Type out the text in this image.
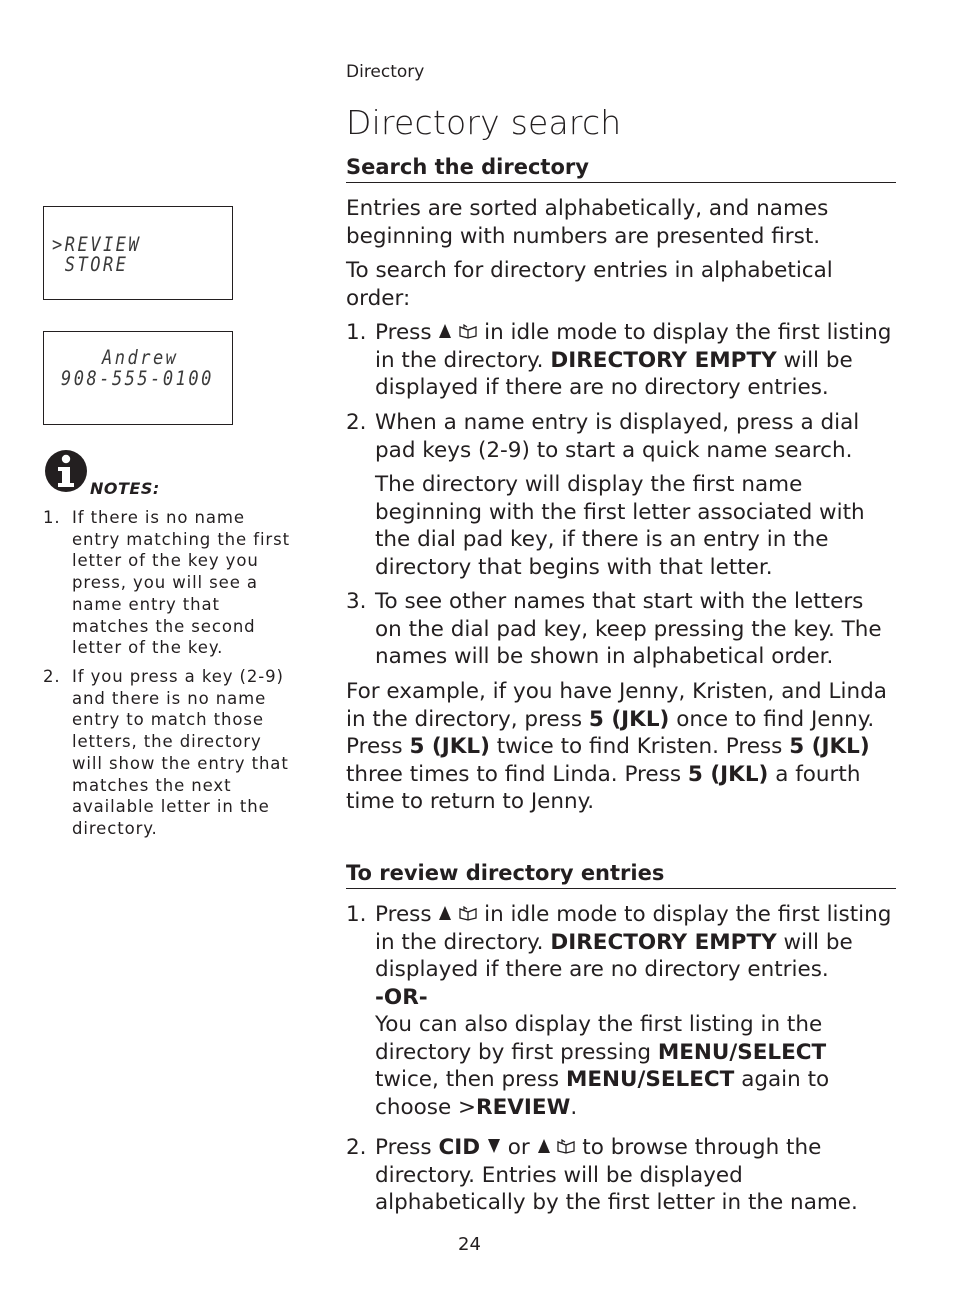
Directory
Directory search
>REVIEW
STORE
Andrew
908-555-0100
NOTES:
1. If there is no name entry matching the first letter of the key you press, you will see a name entry that matches the second letter of the key.
2. If you press a key (2-9) and there is no name entry to match those letters, the directory will show the entry that matches the next available letter in the directory.
Search the directory
Entries are sorted alphabetically, and names beginning with numbers are presented first.
To search for directory entries in alphabetical order:
1. Press in idle mode to display the first listing in the directory. DIRECTORY EMPTY will be displayed if there are no directory entries.
2. When a name entry is displayed, press a dial pad keys (2-9) to start a quick name search.
The directory will display the first name beginning with the first letter associated with the dial pad key, if there is an entry in the directory that begins with that letter.
3. To see other names that start with the letters on the dial pad key, keep pressing the key. The names will be shown in alphabetical order.
For example, if you have Jenny, Kristen, and Linda in the directory, press 5 (JKL) once to find Jenny. Press 5 (JKL) twice to find Kristen. Press 5 (JKL) three times to find Linda. Press 5 (JKL) a fourth time to return to Jenny.
To review directory entries
1. Press in idle mode to display the first listing in the directory. DIRECTORY EMPTY will be displayed if there are no directory entries.
-OR-
You can also display the first listing in the directory by first pressing MENU/SELECT twice, then press MENU/SELECT again to choose >REVIEW.
2. Press CID or to browse through the directory. Entries will be displayed alphabetically by the first letter in the name.
24
